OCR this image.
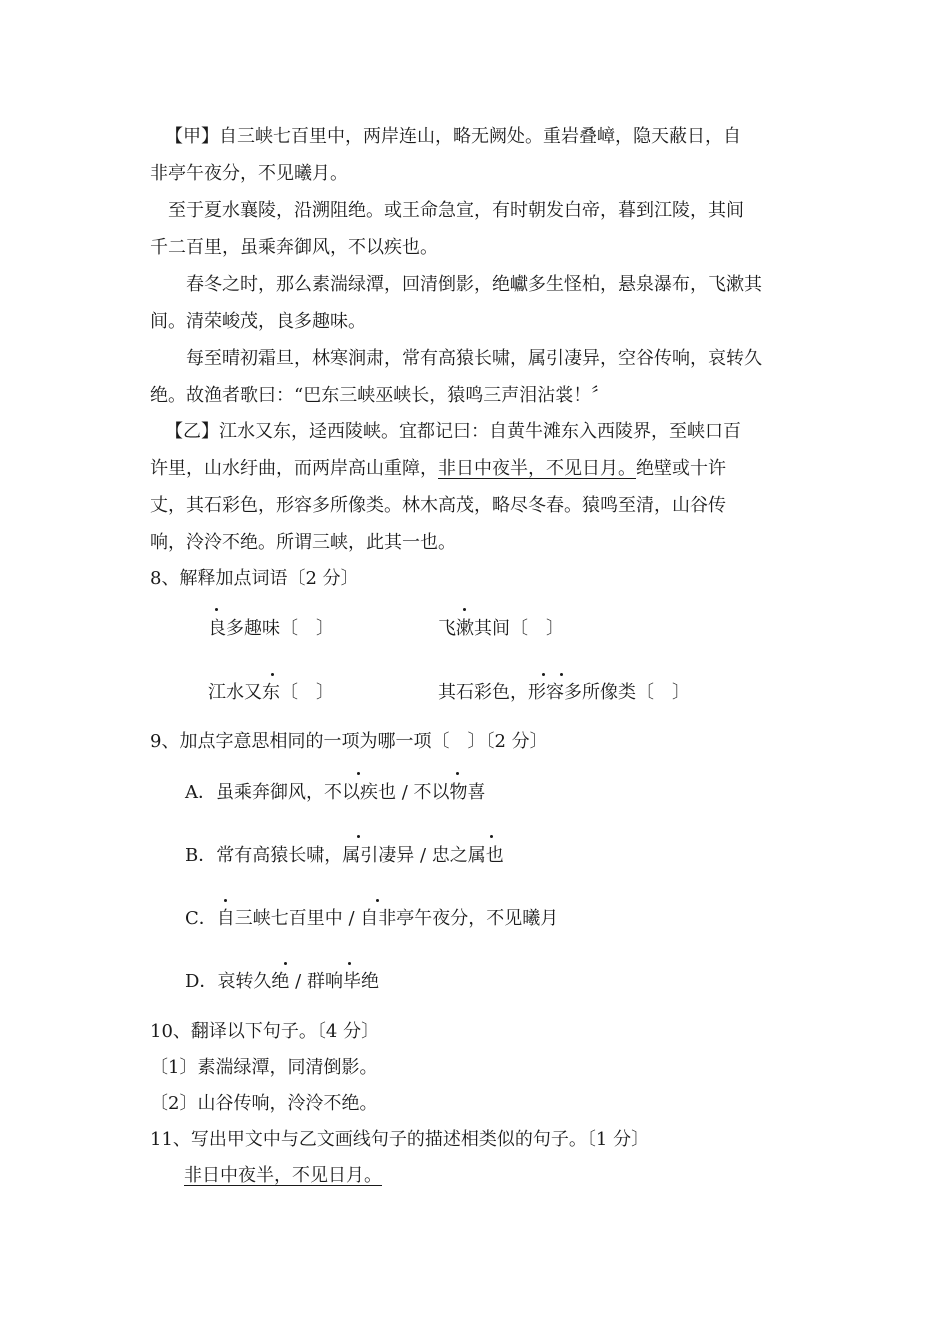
【甲】自三峡七百里中，两岸连山，略无阙处。重岩叠嶂，隐天蔽日，自
非亭午夜分，不见曦月。
至于夏水襄陵，沿溯阻绝。或王命急宣，有时朝发白帝，暮到江陵，其间
千二百里，虽乘奔御风，不以疾也。
春冬之时，那么素湍绿潭，回清倒影，绝巘多生怪柏，悬泉瀑布，飞漱其
间。清荣峻茂，良多趣味。
每至晴初霜旦，林寒涧肃，常有高猿长啸，属引凄异，空谷传响，哀转久
绝。故渔者歌曰：“巴东三峡巫峡长，猿鸣三声泪沾裳！〞
【乙】江水又东，迳西陵峡。宜都记曰：自黄牛滩东入西陵界，至峡口百
许里，山水纡曲，而两岸高山重障，非日中夜半，不见日月。绝壁或十许
丈，其石彩色，形容多所像类。林木高茂，略尽冬春。猿鸣至清，山谷传
响，泠泠不绝。所谓三峡，此其一也。
8、解释加点词语〔2 分〕
良多趣味〔　〕	飞漱其间〔　〕
江水又东〔　〕	其石彩色，形容多所像类〔　〕
9、加点字意思相同的一项为哪一项〔　〕〔2 分〕
A．虽乘奔御风，不以疾也 / 不以物喜
B．常有高猿长啸，属引凄异 / 忠之属也
C．自三峡七百里中 / 自非亭午夜分，不见曦月
D．哀转久绝 / 群响毕绝
10、翻译以下句子。〔4 分〕
〔1〕素湍绿潭，同清倒影。
〔2〕山谷传响，泠泠不绝。
11、写出甲文中与乙文画线句子的描述相类似的句子。〔1 分〕
非日中夜半，不见日月。
